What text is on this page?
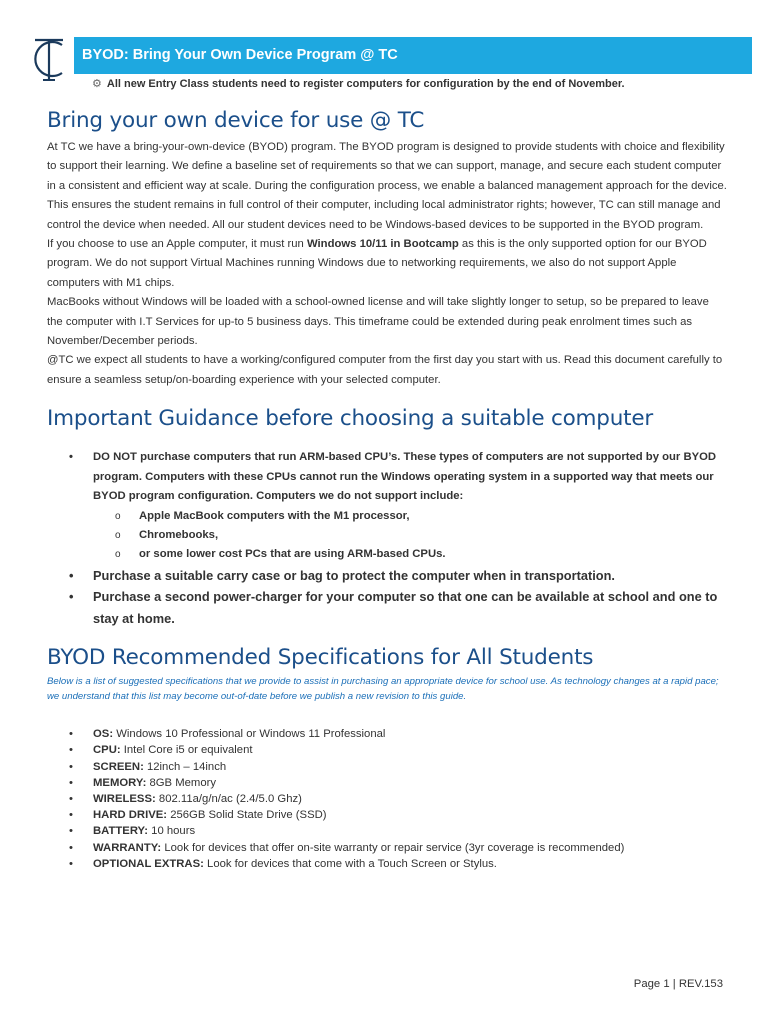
BYOD: Bring Your Own Device Program @ TC
⚙ All new Entry Class students need to register computers for configuration by the end of November.
Bring your own device for use @ TC

At TC we have a bring-your-own-device (BYOD) program. The BYOD program is designed to provide students with choice and flexibility to support their learning. We define a baseline set of requirements so that we can support, manage, and secure each student computer in a consistent and efficient way at scale. During the configuration process, we enable a balanced management approach for the device. This ensures the student remains in full control of their computer, including local administrator rights; however, TC can still manage and control the device when needed. All our student devices need to be Windows-based devices to be supported in the BYOD program.

If you choose to use an Apple computer, it must run Windows 10/11 in Bootcamp as this is the only supported option for our BYOD program. We do not support Virtual Machines running Windows due to networking requirements, we also do not support Apple computers with M1 chips.

MacBooks without Windows will be loaded with a school-owned license and will take slightly longer to setup, so be prepared to leave the computer with I.T Services for up-to 5 business days. This timeframe could be extended during peak enrolment times such as November/December periods.

@TC we expect all students to have a working/configured computer from the first day you start with us. Read this document carefully to ensure a seamless setup/on-boarding experience with your selected computer.

Important Guidance before choosing a suitable computer
• DO NOT purchase computers that run ARM-based CPU’s. These types of computers are not supported by our BYOD program. Computers with these CPUs cannot run the Windows operating system in a supported way that meets our BYOD program configuration. Computers we do not support include:
o Apple MacBook computers with the M1 processor,
o Chromebooks,
o or some lower cost PCs that are using ARM-based CPUs.
• Purchase a suitable carry case or bag to protect the computer when in transportation.
• Purchase a second power-charger for your computer so that one can be available at school and one to stay at home.
BYOD Recommended Specifications for All Students

Below is a list of suggested specifications that we provide to assist in purchasing an appropriate device for school use. As technology changes at a rapid pace; we understand that this list may become out-of-date before we publish a new revision to this guide.

• OS: Windows 10 Professional or Windows 11 Professional
• CPU: Intel Core i5 or equivalent
• SCREEN: 12inch – 14inch
• MEMORY: 8GB Memory
• WIRELESS: 802.11a/g/n/ac (2.4/5.0 Ghz)
• HARD DRIVE: 256GB Solid State Drive (SSD)
• BATTERY: 10 hours
• WARRANTY: Look for devices that offer on-site warranty or repair service (3yr coverage is recommended)
• OPTIONAL EXTRAS: Look for devices that come with a Touch Screen or Stylus.
Page 1 | REV.153
